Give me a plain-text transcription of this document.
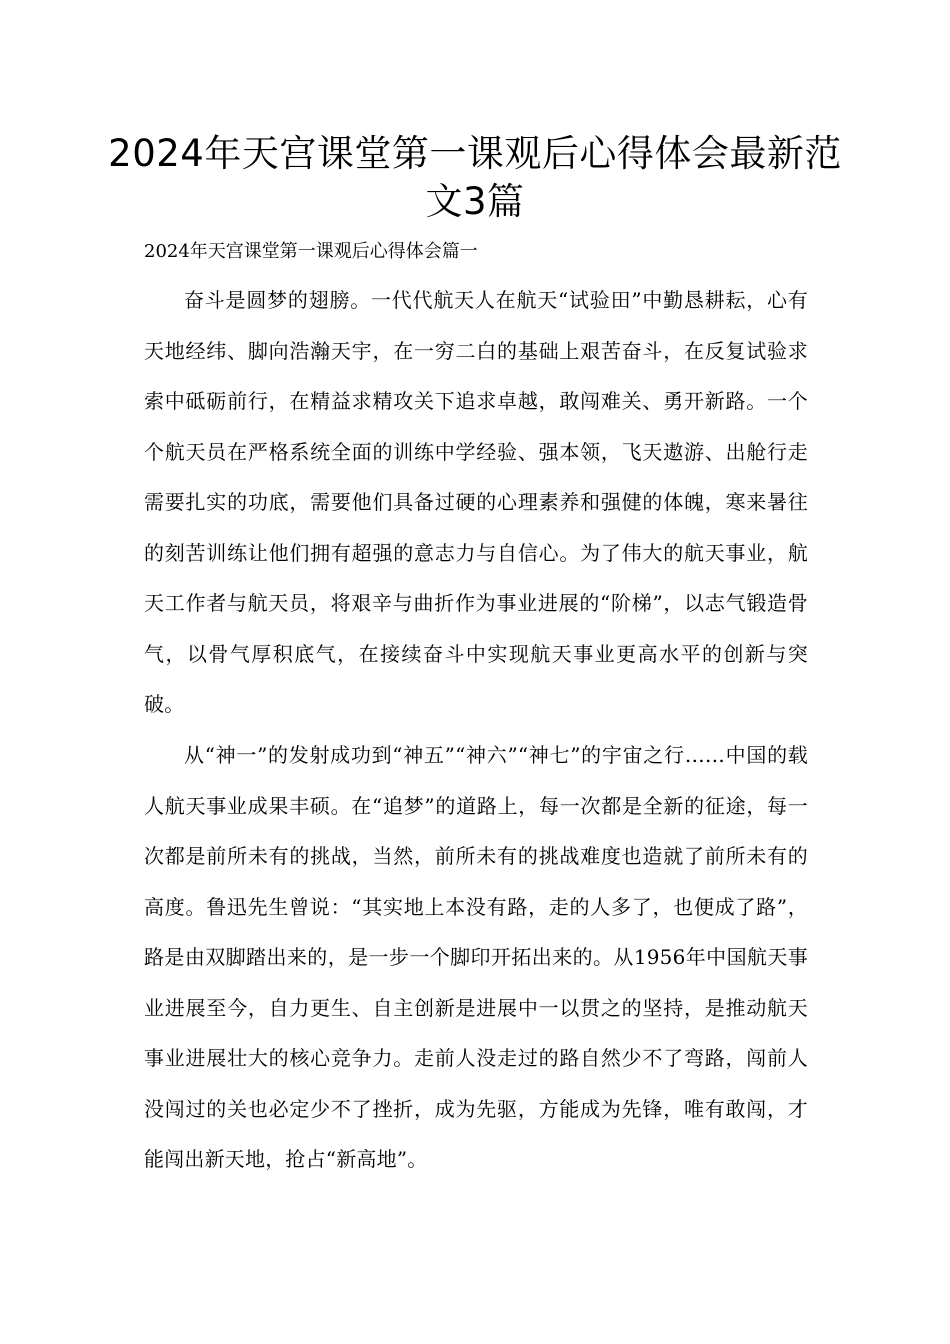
2024年天宫课堂第一课观后心得体会最新范文3篇

2024年天宫课堂第一课观后心得体会篇一

奋斗是圆梦的翅膀。一代代航天人在航天“试验田”中勤恳耕耘，心有天地经纬、脚向浩瀚天宇，在一穷二白的基础上艰苦奋斗，在反复试验求索中砥砺前行，在精益求精攻关下追求卓越，敢闯难关、勇开新路。一个个航天员在严格系统全面的训练中学经验、强本领，飞天遨游、出舱行走需要扎实的功底，需要他们具备过硬的心理素养和强健的体魄，寒来暑往的刻苦训练让他们拥有超强的意志力与自信心。为了伟大的航天事业，航天工作者与航天员，将艰辛与曲折作为事业进展的“阶梯”，以志气锻造骨气，以骨气厚积底气，在接续奋斗中实现航天事业更高水平的创新与突破。

从“神一”的发射成功到“神五”“神六”“神七”的宇宙之行……中国的载人航天事业成果丰硕。在“追梦”的道路上，每一次都是全新的征途，每一次都是前所未有的挑战，当然，前所未有的挑战难度也造就了前所未有的高度。鲁迅先生曾说：“其实地上本没有路，走的人多了，也便成了路”，路是由双脚踏出来的，是一步一个脚印开拓出来的。从1956年中国航天事业进展至今，自力更生、自主创新是进展中一以贯之的坚持，是推动航天事业进展壮大的核心竞争力。走前人没走过的路自然少不了弯路，闯前人没闯过的关也必定少不了挫折，成为先驱，方能成为先锋，唯有敢闯，才能闯出新天地，抢占“新高地”。
